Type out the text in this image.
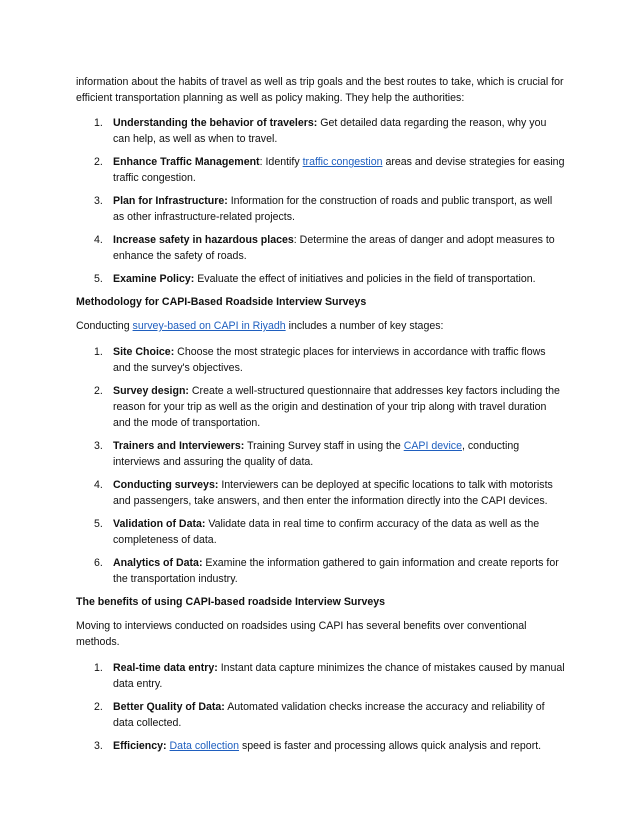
information about the habits of travel as well as trip goals and the best routes to take, which is crucial for efficient transportation planning as well as policy making. They help the authorities:

1. Understanding the behavior of travelers: Get detailed data regarding the reason, why you can help, as well as when to travel.
2. Enhance Traffic Management: Identify traffic congestion areas and devise strategies for easing traffic congestion.
3. Plan for Infrastructure: Information for the construction of roads and public transport, as well as other infrastructure-related projects.
4. Increase safety in hazardous places: Determine the areas of danger and adopt measures to enhance the safety of roads.
5. Examine Policy: Evaluate the effect of initiatives and policies in the field of transportation.
Methodology for CAPI-Based Roadside Interview Surveys

Conducting survey-based on CAPI in Riyadh includes a number of key stages:

1. Site Choice: Choose the most strategic places for interviews in accordance with traffic flows and the survey's objectives.
2. Survey design: Create a well-structured questionnaire that addresses key factors including the reason for your trip as well as the origin and destination of your trip along with travel duration and the mode of transportation.
3. Trainers and Interviewers: Training Survey staff in using the CAPI device, conducting interviews and assuring the quality of data.
4. Conducting surveys: Interviewers can be deployed at specific locations to talk with motorists and passengers, take answers, and then enter the information directly into the CAPI devices.
5. Validation of Data: Validate data in real time to confirm accuracy of the data as well as the completeness of data.
6. Analytics of Data: Examine the information gathered to gain information and create reports for the transportation industry.
The benefits of using CAPI-based roadside Interview Surveys

Moving to interviews conducted on roadsides using CAPI has several benefits over conventional methods.

1. Real-time data entry: Instant data capture minimizes the chance of mistakes caused by manual data entry.
2. Better Quality of Data: Automated validation checks increase the accuracy and reliability of data collected.
3. Efficiency: Data collection speed is faster and processing allows quick analysis and report.
